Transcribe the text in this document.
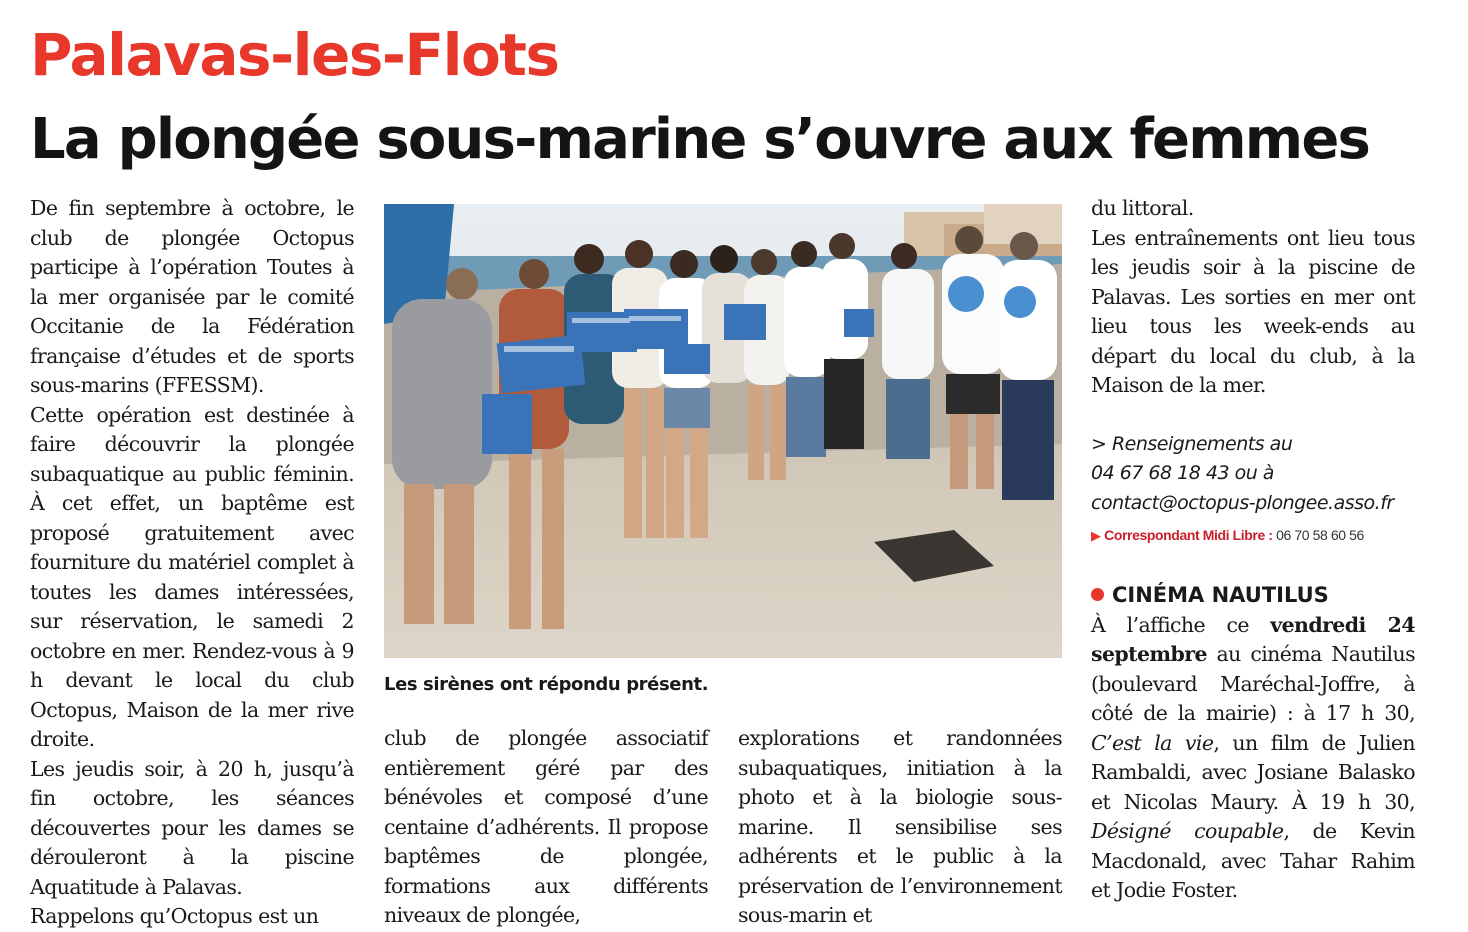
Palavas-les-Flots
La plongée sous-marine s’ouvre aux femmes

De fin septembre à octobre, le club de plongée Octopus participe à l’opération Toutes à la mer organisée par le comité Occitanie de la Fédération française d’études et de sports sous-marins (FFESSM).

Cette opération est destinée à faire découvrir la plongée subaquatique au public féminin. À cet effet, un baptême est proposé gratuitement avec fourniture du matériel complet à toutes les dames intéressées, sur réservation, le samedi 2 octobre en mer. Rendez-vous à 9 h devant le local du club Octopus, Maison de la mer rive droite.

Les jeudis soir, à 20 h, jusqu’à fin octobre, les séances découvertes pour les dames se dérouleront à la piscine Aquatitude à Palavas.

Rappelons qu’Octopus est un

Les sirènes ont répondu présent.

club de plongée associatif entièrement géré par des bénévoles et composé d’une centaine d’adhérents. Il propose baptêmes de plongée, formations aux différents niveaux de plongée,

explorations et randonnées subaquatiques, initiation à la photo et à la biologie sous-marine. Il sensibilise ses adhérents et le public à la préservation de l’environnement sous-marin et

du littoral.

Les entraînements ont lieu tous les jeudis soir à la piscine de Palavas. Les sorties en mer ont lieu tous les week-ends au départ du local du club, à la Maison de la mer.

> Renseignements au
04 67 68 18 43 ou à
contact@octopus-plongee.asso.fr

▶ Correspondant Midi Libre : 06 70 58 60 56

CINÉMA NAUTILUS

À l’affiche ce vendredi 24 septembre au cinéma Nautilus (boulevard Maréchal-Joffre, à côté de la mairie) : à 17 h 30, C’est la vie, un film de Julien Rambaldi, avec Josiane Balasko et Nicolas Maury. À 19 h 30, Désigné coupable, de Kevin Macdonald, avec Tahar Rahim et Jodie Foster.
